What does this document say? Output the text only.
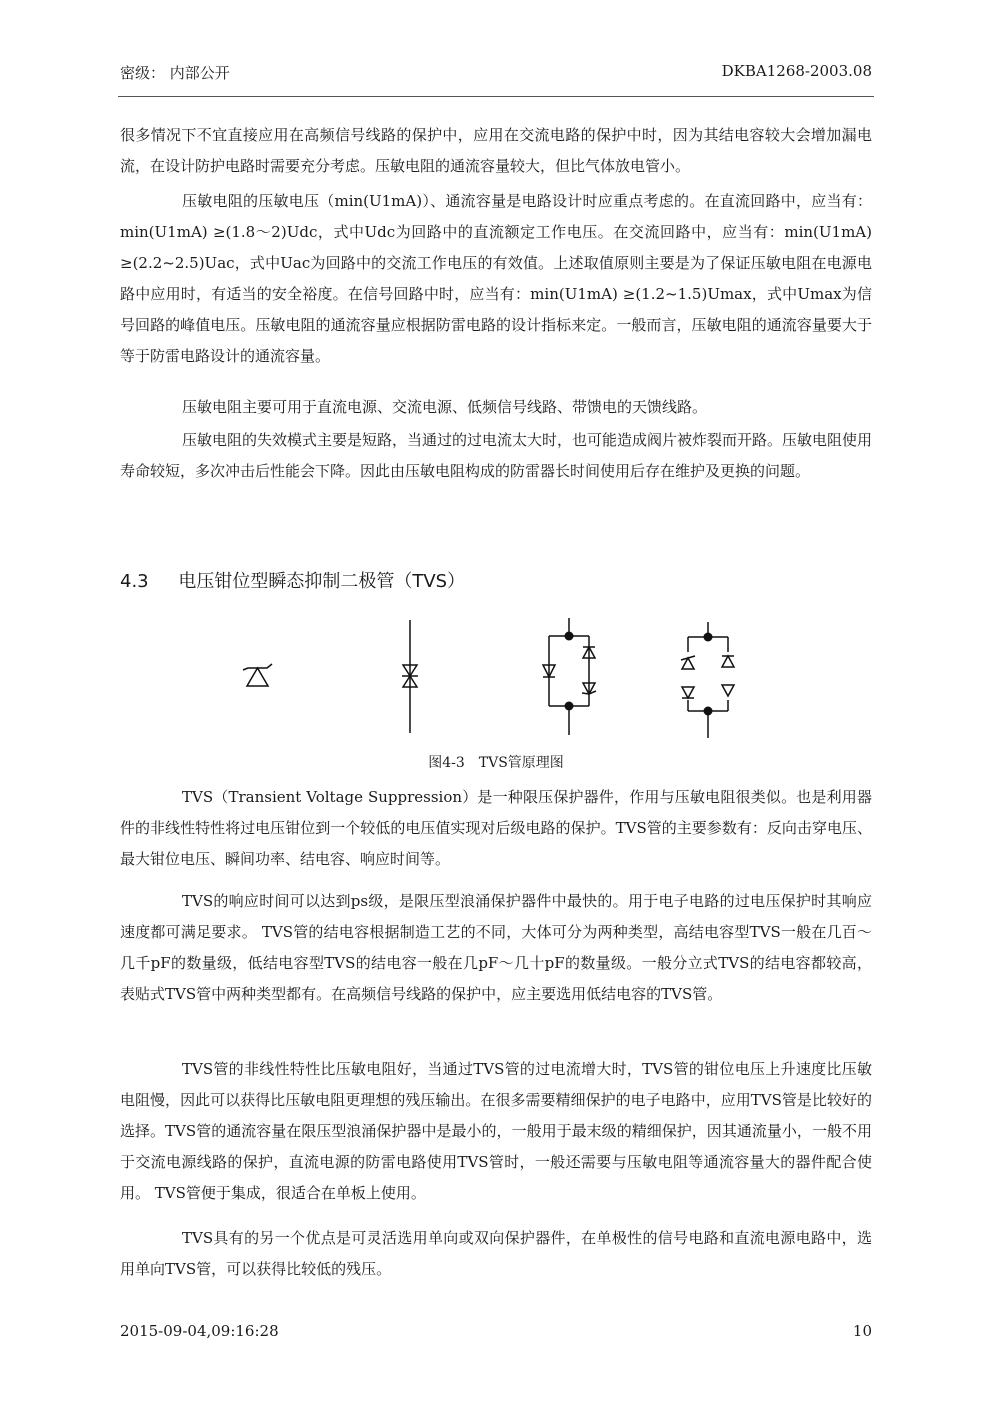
密级： 内部公开	DKBA1268-2003.08

很多情况下不宜直接应用在高频信号线路的保护中，应用在交流电路的保护中时，因为其结电容较大会增加漏电流，在设计防护电路时需要充分考虑。压敏电阻的通流容量较大，但比气体放电管小。

压敏电阻的压敏电压（min(U1mA)）、通流容量是电路设计时应重点考虑的。在直流回路中，应当有：min(U1mA) ≥(1.8～2)Udc，式中Udc为回路中的直流额定工作电压。在交流回路中，应当有：min(U1mA) ≥(2.2~2.5)Uac，式中Uac为回路中的交流工作电压的有效值。上述取值原则主要是为了保证压敏电阻在电源电路中应用时，有适当的安全裕度。在信号回路中时，应当有：min(U1mA) ≥(1.2~1.5)Umax，式中Umax为信号回路的峰值电压。压敏电阻的通流容量应根据防雷电路的设计指标来定。一般而言，压敏电阻的通流容量要大于等于防雷电路设计的通流容量。

压敏电阻主要可用于直流电源、交流电源、低频信号线路、带馈电的天馈线路。

压敏电阻的失效模式主要是短路，当通过的过电流太大时，也可能造成阀片被炸裂而开路。压敏电阻使用寿命较短，多次冲击后性能会下降。因此由压敏电阻构成的防雷器长时间使用后存在维护及更换的问题。

4.3 电压钳位型瞬态抑制二极管（TVS）
图4-3　TVS管原理图

TVS（Transient Voltage Suppression）是一种限压保护器件，作用与压敏电阻很类似。也是利用器件的非线性特性将过电压钳位到一个较低的电压值实现对后级电路的保护。TVS管的主要参数有：反向击穿电压、最大钳位电压、瞬间功率、结电容、响应时间等。

TVS的响应时间可以达到ps级，是限压型浪涌保护器件中最快的。用于电子电路的过电压保护时其响应速度都可满足要求。 TVS管的结电容根据制造工艺的不同，大体可分为两种类型，高结电容型TVS一般在几百～几千pF的数量级，低结电容型TVS的结电容一般在几pF～几十pF的数量级。一般分立式TVS的结电容都较高，表贴式TVS管中两种类型都有。在高频信号线路的保护中，应主要选用低结电容的TVS管。

TVS管的非线性特性比压敏电阻好，当通过TVS管的过电流增大时，TVS管的钳位电压上升速度比压敏电阻慢，因此可以获得比压敏电阻更理想的残压输出。在很多需要精细保护的电子电路中，应用TVS管是比较好的选择。TVS管的通流容量在限压型浪涌保护器中是最小的，一般用于最末级的精细保护，因其通流量小，一般不用于交流电源线路的保护，直流电源的防雷电路使用TVS管时，一般还需要与压敏电阻等通流容量大的器件配合使用。 TVS管便于集成，很适合在单板上使用。

TVS具有的另一个优点是可灵活选用单向或双向保护器件，在单极性的信号电路和直流电源电路中，选用单向TVS管，可以获得比较低的残压。

2015-09-04,09:16:28	10
